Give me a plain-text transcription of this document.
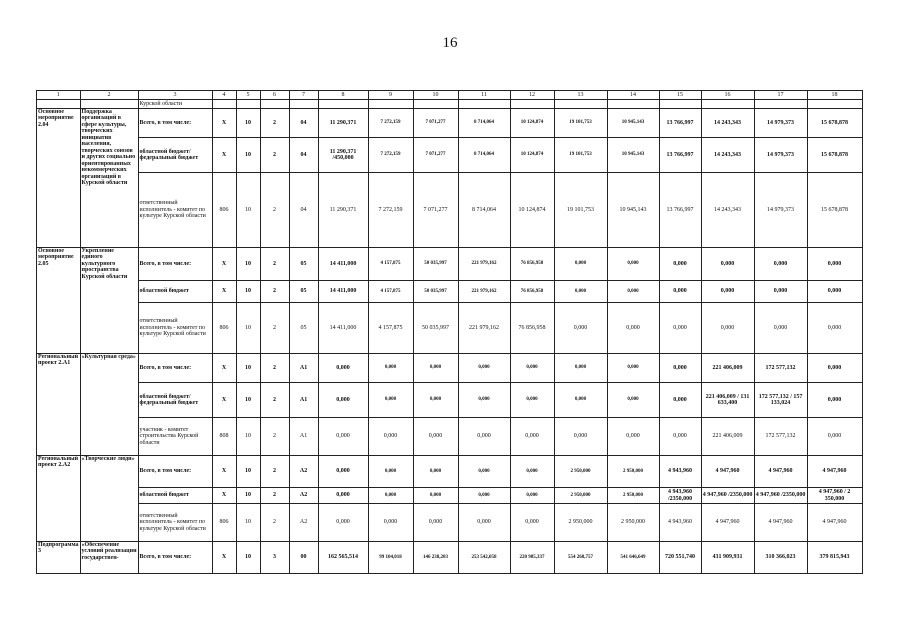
16
1	2	3	4	5	6	7	8	9	10	11	12	13	14	15	16	17	18
		Курской области															
Основное мероприятие 2.04	Поддержка организаций в сфере культуры, творческих инициатив населения, творческих союзов и других социально ориентированных некоммерческих организаций в Курской области	Всего, в том числе:	X	10	2	04	11 290,371	7 272,159	7 071,277	8 714,064	10 124,874	19 101,753	10 945,143	13 766,997	14 243,343	14 979,373	15 678,878
		областной бюджет/ федеральный бюджет	X	10	2	04	11 290,371 /450,000	7 272,159	7 071,277	8 714,064	10 124,874	19 101,753	10 945,143	13 766,997	14 243,343	14 979,373	15 678,878
		ответственный исполнитель - комитет по культуре Курской области	806	10	2	04	11 290,371	7 272,159	7 071,277	8 714,064	10 124,874	19 101,753	10 945,143	13 766,997	14 243,343	14 979,373	15 678,878
Основное мероприятие 2.05	Укрепление единого культурного пространства Курской области	Всего, в том числе:	X	10	2	05	14 411,000	4 157,875	50 035,997	221 979,162	76 856,958	0,000	0,000	0,000	0,000	0,000	0,000
		областной бюджет	X	10	2	05	14 411,000	4 157,875	50 035,997	221 979,162	76 856,958	0,000	0,000	0,000	0,000	0,000	0,000
		ответственный исполнитель - комитет по культуре Курской области	806	10	2	05	14 411,000	4 157,875	50 035,997	221 979,162	76 856,958	0,000	0,000	0,000	0,000	0,000	0,000
Региональный проект 2.А1	«Культурная среда»	Всего, в том числе:	X	10	2	А1	0,000	0,000	0,000	0,000	0,000	0,000	0,000	0,000	221 406,009	172 577,132	0,000
		областной бюджет/ федеральный бюджет	X	10	2	А1	0,000	0,000	0,000	0,000	0,000	0,000	0,000	0,000	221 406,009 / 131 633,400	172 577,132 / 157 133,024	0,000
		участник - комитет строительства Курской области	808	10	2	А1	0,000	0,000	0,000	0,000	0,000	0,000	0,000	0,000	221 406,009	172 577,132	0,000
Региональный проект 2.А2	«Творческие люди»	Всего, в том числе:	X	10	2	А2	0,000	0,000	0,000	0,000	0,000	2 950,000	2 950,000	4 943,960	4 947,960	4 947,960	4 947,960
		областной бюджет	X	10	2	А2	0,000	0,000	0,000	0,000	0,000	2 950,000	2 950,000	4 943,960 /2350,000	4 947,960 /2350,000	4 947,960 /2350,000	4 947,960 / 2 350,000
		ответственный исполнитель - комитет по культуре Курской области	806	10	2	А2	0,000	0,000	0,000	0,000	0,000	2 950,000	2 950,000	4 943,960	4 947,960	4 947,960	4 947,960
Подпрограмма 3	«Обеспечение условий реализации государствен-	Всего, в том числе:	X	10	3	00	162 565,514	99 104,018	146 238,203	253 542,058	220 985,337	554 268,757	541 646,649	720 551,740	431 909,931	310 366,023	379 815,943
